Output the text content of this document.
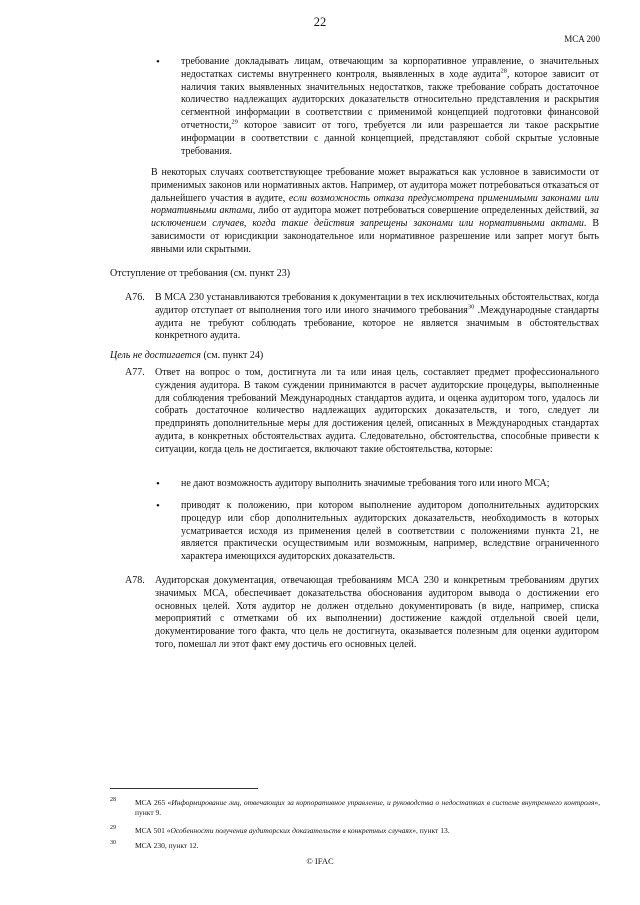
22
MCA 200
• требование докладывать лицам, отвечающим за корпоративное управление, о значительных недостатках системы внутреннего контроля, выявленных в ходе аудита$^{28}$, которое зависит от наличия таких выявленных значительных недостатков, также требование собрать достаточное количество надлежащих аудиторских доказательств относительно представления и раскрытия сегментной информации в соответствии с применимой концепцией подготовки финансовой отчетности,$^{29}$ которое зависит от того, требуется ли или разрешается ли такое раскрытие информации в соответствии с данной концепцией, представляют собой скрытые условные требования.
В некоторых случаях соответствующее требование может выражаться как условное в зависимости от применимых законов или нормативных актов. Например, от аудитора может потребоваться отказаться от дальнейшего участия в аудите, если возможность отказа предусмотрена применимыми законами или нормативными актами, либо от аудитора может потребоваться совершение определенных действий, за исключением случаев, когда такие действия запрещены законами или нормативными актами. В зависимости от юрисдикции законодательное или нормативное разрешение или запрет могут быть явными или скрытыми.
Отступление от требования (см. пункт 23)
A76. В МСА 230 устанавливаются требования к документации в тех исключительных обстоятельствах, когда аудитор отступает от выполнения того или иного значимого требования$^{30}$ .Международные стандарты аудита не требуют соблюдать требование, которое не является значимым в обстоятельствах конкретного аудита.
Цель не достигается (см. пункт 24)
A77. Ответ на вопрос о том, достигнута ли та или иная цель, составляет предмет профессионального суждения аудитора. В таком суждении принимаются в расчет аудиторские процедуры, выполненные для соблюдения требований Международных стандартов аудита, и оценка аудитором того, удалось ли собрать достаточное количество надлежащих аудиторских доказательств, и того, следует ли предпринять дополнительные меры для достижения целей, описанных в Международных стандартах аудита, в конкретных обстоятельствах аудита. Следовательно, обстоятельства, способные привести к ситуации, когда цель не достигается, включают такие обстоятельства, которые:
• не дают возможность аудитору выполнить значимые требования того или иного МСА;
• приводят к положению, при котором выполнение аудитором дополнительных аудиторских процедур или сбор дополнительных аудиторских доказательств, необходимость в которых усматривается исходя из применения целей в соответствии с положениями пункта 21, не является практически осуществимым или возможным, например, вследствие ограниченного характера имеющихся аудиторских доказательств.
A78. Аудиторская документация, отвечающая требованиям МСА 230 и конкретным требованиям других значимых МСА, обеспечивает доказательства обоснования аудитором вывода о достижении его основных целей. Хотя аудитор не должен отдельно документировать (в виде, например, списка мероприятий с отметками об их выполнении) достижение каждой отдельной своей цели, документирование того факта, что цель не достигнута, оказывается полезным для оценки аудитором того, помешал ли этот факт ему достичь его основных целей.
28	МСА 265 «Информирование лиц, отвечающих за корпоративное управление, и руководства о недостатках в системе внутреннего контроля», пункт 9.
29	МСА 501 «Особенности получения аудиторских доказательств в конкретных случаях», пункт 13.
30	МСА 230, пункт 12.
© IFAC
